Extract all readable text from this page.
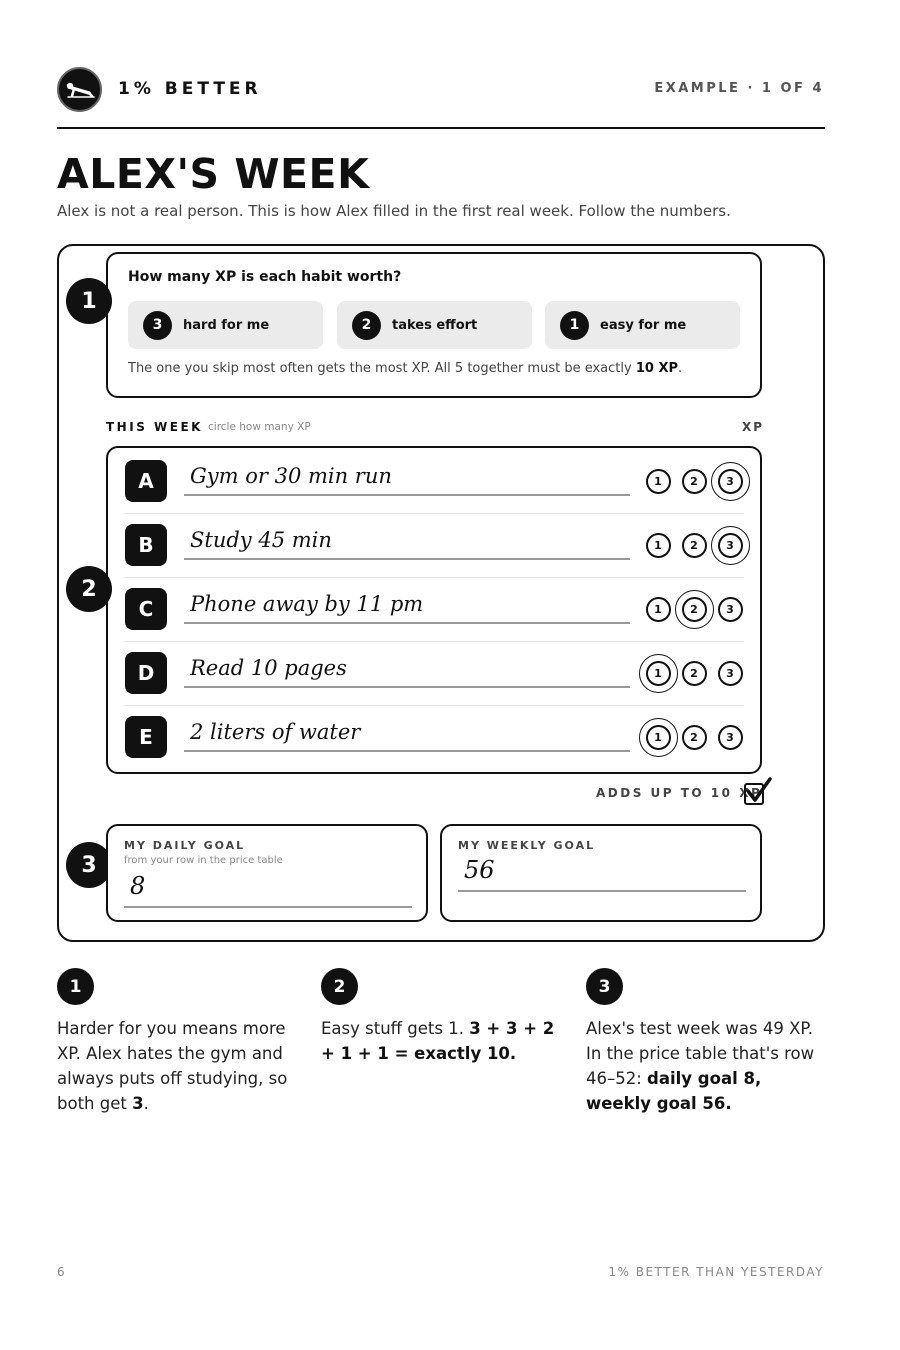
1% BETTER	EXAMPLE · 1 OF 4
ALEX'S WEEK
Alex is not a real person. This is how Alex filled in the first real week. Follow the numbers.
1
How many XP is each habit worth?
3	hard for me	2	takes effort	1	easy for me
The one you skip most often gets the most XP. All 5 together must be exactly 10 XP.
THIS WEEK circle how many XP	XP
2
A	Gym or 30 min run	1	2	3
B	Study 45 min	1	2	3
C	Phone away by 11 pm	1	2	3
D	Read 10 pages	1	2	3
E	2 liters of water	1	2	3
ADDS UP TO 10 XP
3
MY DAILY GOAL
from your row in the price table
8
MY WEEKLY GOAL
56
1
Harder for you means more XP. Alex hates the gym and always puts off studying, so both get 3.
2
Easy stuff gets 1. 3 + 3 + 2 + 1 + 1 = exactly 10.
3
Alex's test week was 49 XP. In the price table that's row 46–52: daily goal 8, weekly goal 56.
6	1% BETTER THAN YESTERDAY
